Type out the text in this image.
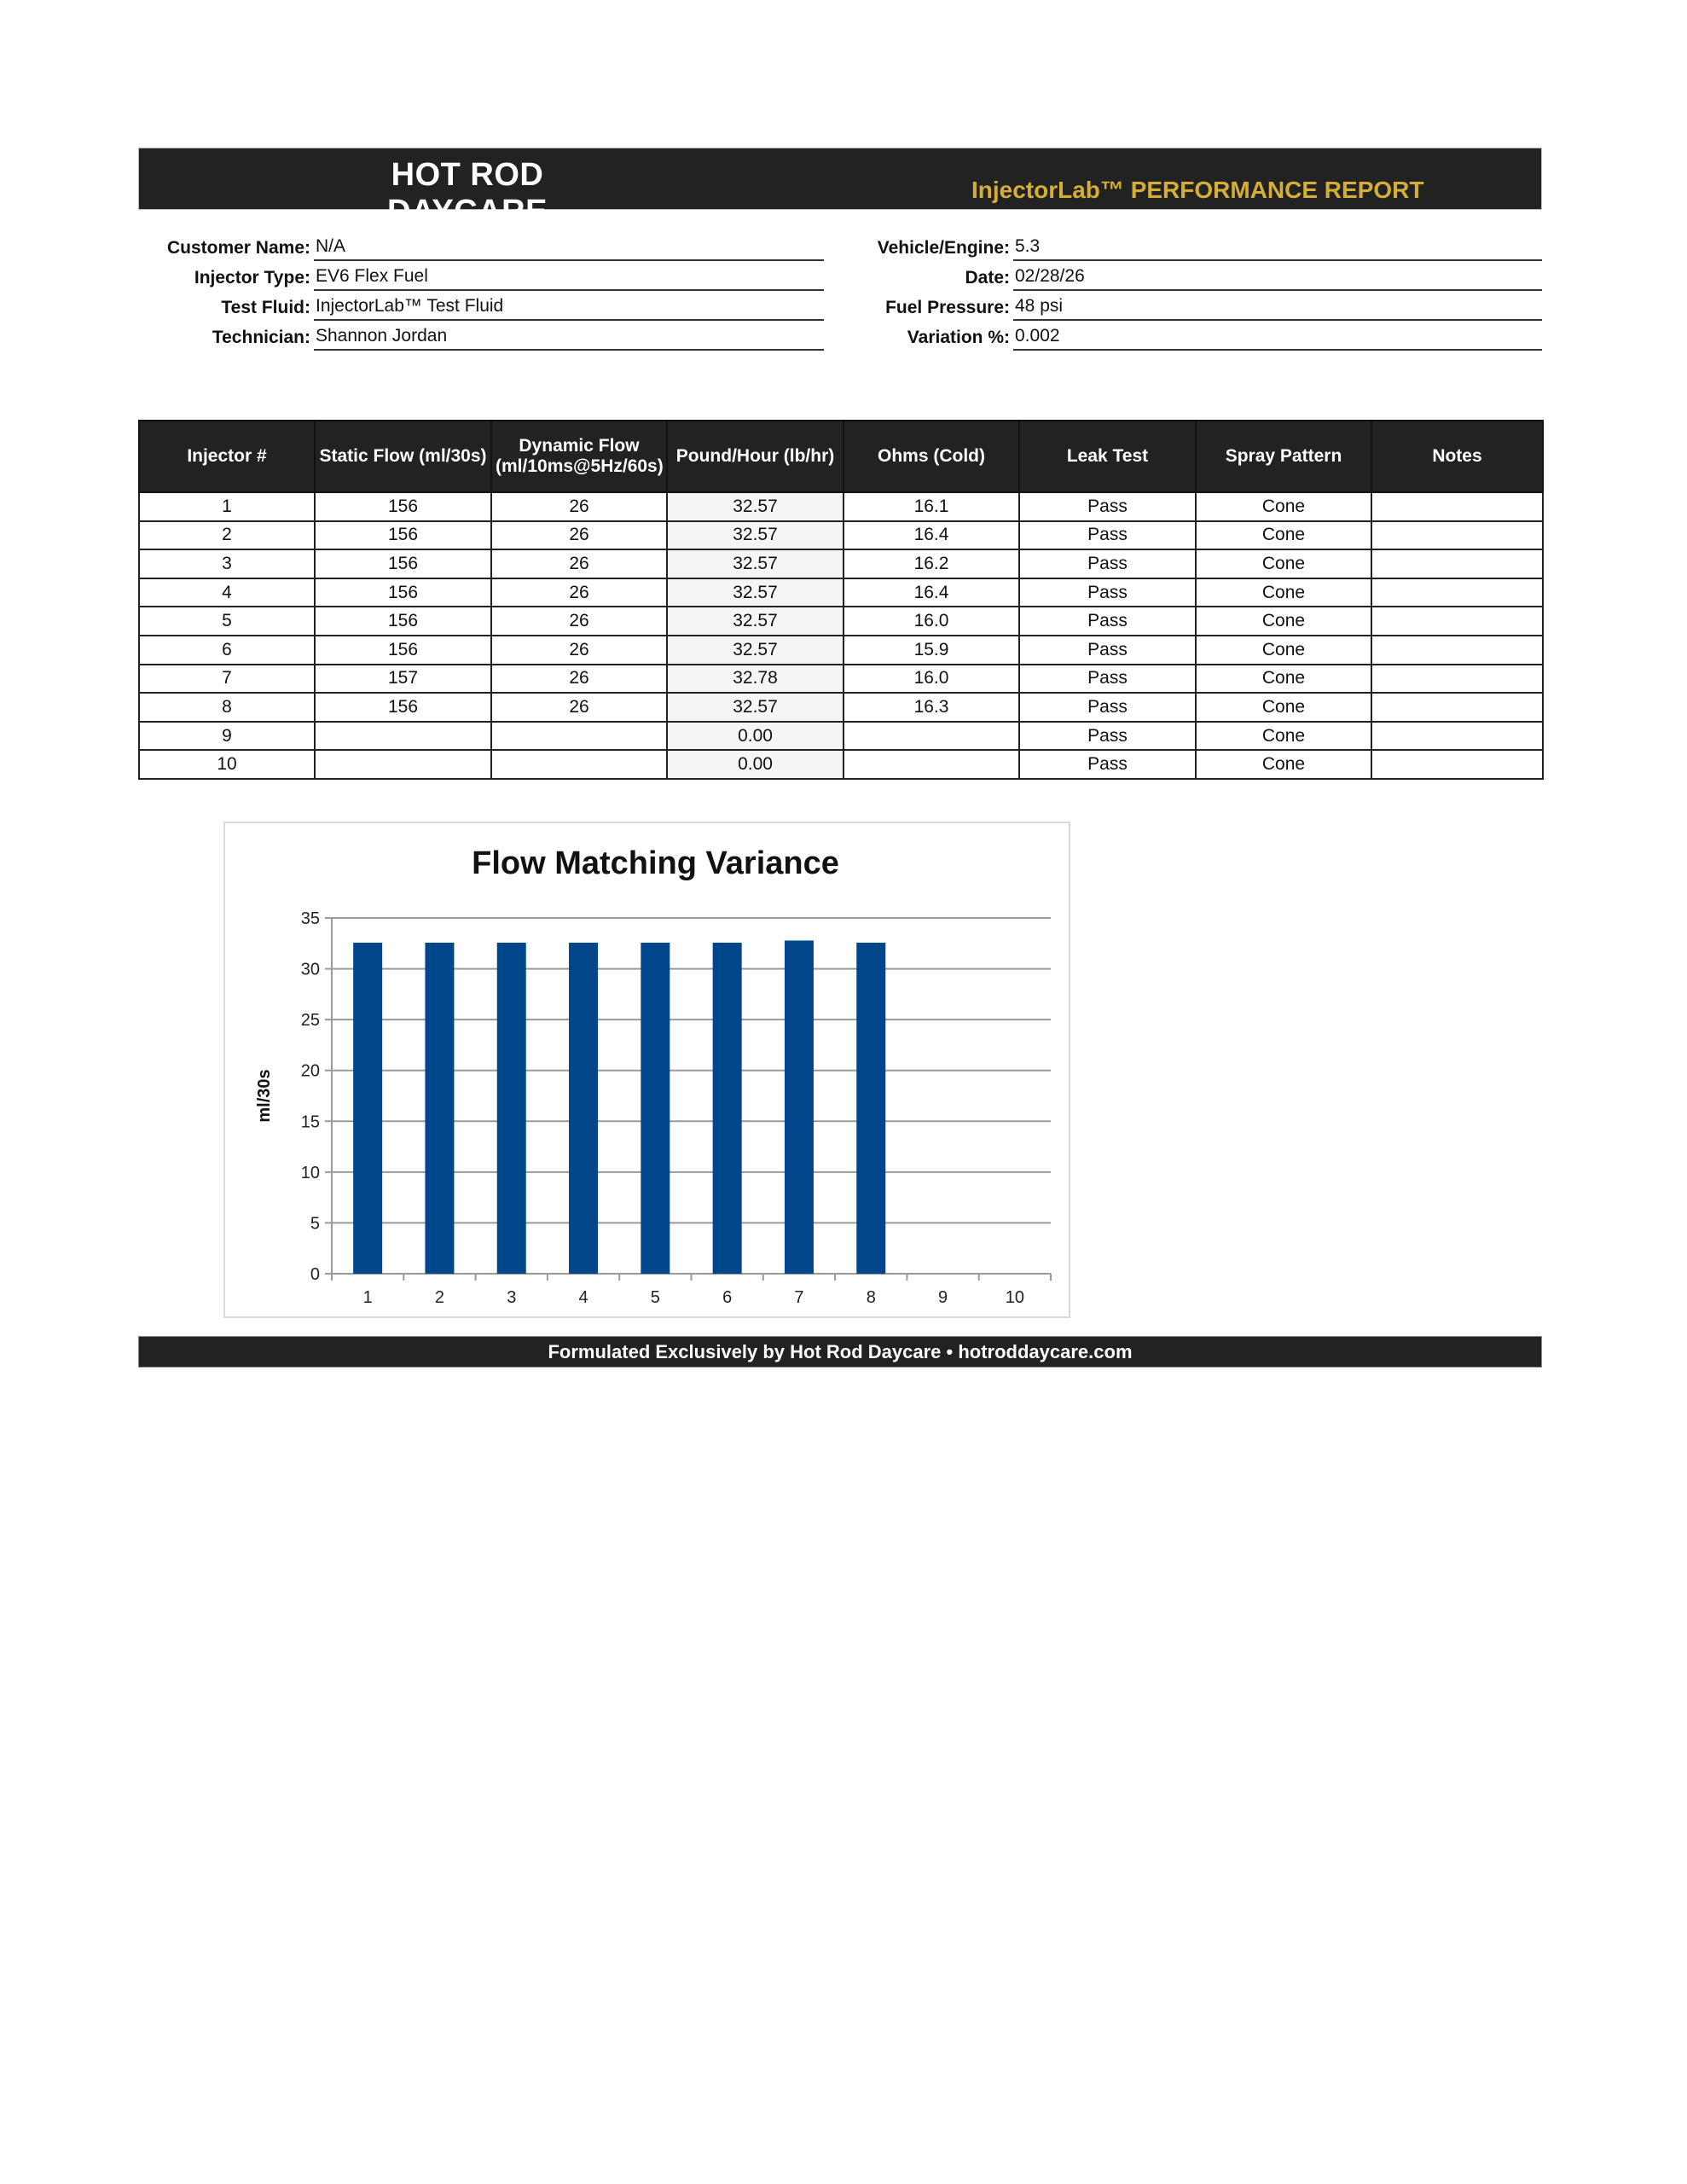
HOT ROD DAYCARE
InjectorLab™ PERFORMANCE REPORT
Customer Name: N/A
Injector Type: EV6 Flex Fuel
Test Fluid: InjectorLab™ Test Fluid
Technician: Shannon Jordan
Vehicle/Engine: 5.3
Date: 02/28/26
Fuel Pressure: 48 psi
Variation %: 0.002
Injector #	Static Flow (ml/30s)	Dynamic Flow (ml/10ms@5Hz/60s)	Pound/Hour (lb/hr)	Ohms (Cold)	Leak Test	Spray Pattern	Notes
1	156	26	32.57	16.1	Pass	Cone	
2	156	26	32.57	16.4	Pass	Cone	
3	156	26	32.57	16.2	Pass	Cone	
4	156	26	32.57	16.4	Pass	Cone	
5	156	26	32.57	16.0	Pass	Cone	
6	156	26	32.57	15.9	Pass	Cone	
7	157	26	32.78	16.0	Pass	Cone	
8	156	26	32.57	16.3	Pass	Cone	
9			0.00		Pass	Cone	
10			0.00		Pass	Cone	
Flow Matching Variance
0
5
10
15
20
25
30
35
1	2	3	4	5	6	7	8	9	10
ml/30s
Formulated Exclusively by Hot Rod Daycare • hotroddaycare.com
